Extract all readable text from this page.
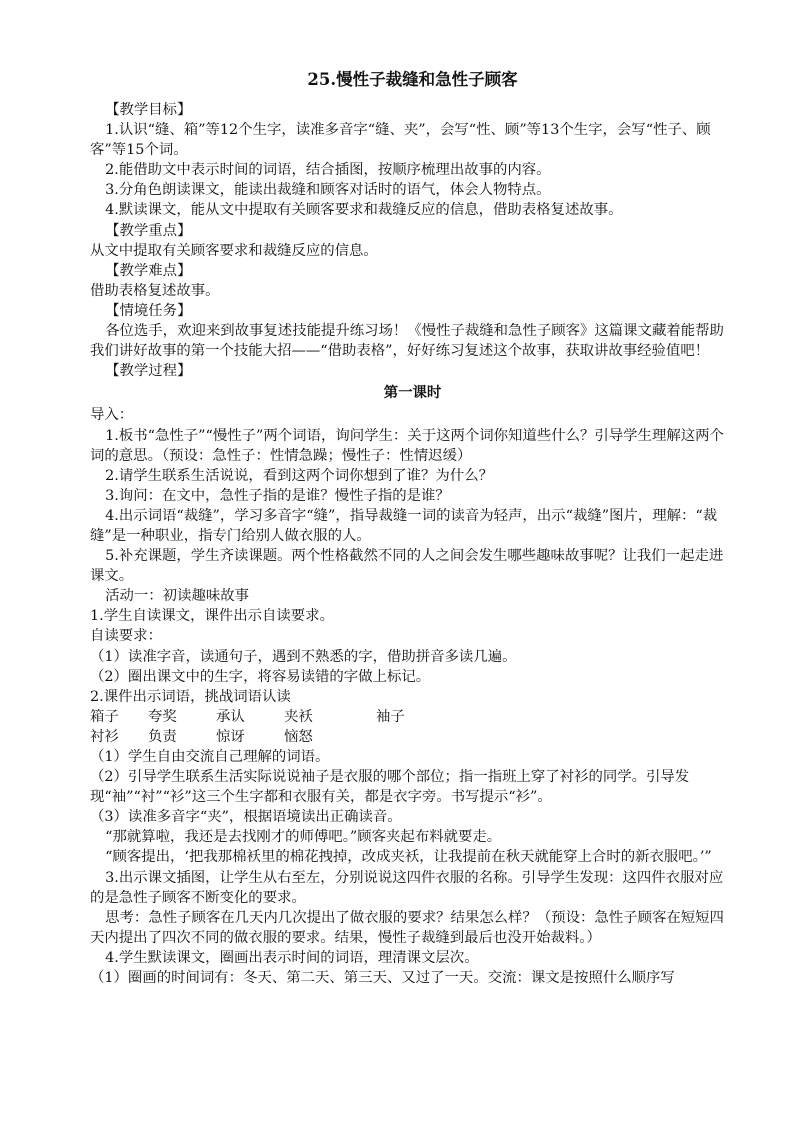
25.慢性子裁缝和急性子顾客

【教学目标】

1.认识“缝、箱”等12个生字，读准多音字“缝、夹”，会写“性、顾”等13个生字，会写“性子、顾客”等15个词。

2.能借助文中表示时间的词语，结合插图，按顺序梳理出故事的内容。

3.分角色朗读课文，能读出裁缝和顾客对话时的语气，体会人物特点。

4.默读课文，能从文中提取有关顾客要求和裁缝反应的信息，借助表格复述故事。

【教学重点】

从文中提取有关顾客要求和裁缝反应的信息。

【教学难点】

借助表格复述故事。

【情境任务】

各位选手，欢迎来到故事复述技能提升练习场！《慢性子裁缝和急性子顾客》这篇课文藏着能帮助我们讲好故事的第一个技能大招——“借助表格”，好好练习复述这个故事，获取讲故事经验值吧！

【教学过程】

第一课时

导入：

1.板书“急性子”“慢性子”两个词语，询问学生：关于这两个词你知道些什么？引导学生理解这两个词的意思。（预设：急性子：性情急躁；慢性子：性情迟缓）

2.请学生联系生活说说，看到这两个词你想到了谁？为什么？

3.询问：在文中，急性子指的是谁？慢性子指的是谁？

4.出示词语“裁缝”，学习多音字“缝”，指导裁缝一词的读音为轻声，出示“裁缝”图片，理解：“裁缝”是一种职业，指专门给别人做衣服的人。

5.补充课题，学生齐读课题。两个性格截然不同的人之间会发生哪些趣味故事呢？让我们一起走进课文。

活动一：初读趣味故事

1.学生自读课文，课件出示自读要求。

自读要求：

（1）读准字音，读通句子，遇到不熟悉的字，借助拼音多读几遍。

（2）圈出课文中的生字，将容易读错的字做上标记。

2.课件出示词语，挑战词语认读

箱子	夸奖	承认	夹袄	袖子
衬衫	负责	惊讶	恼怒

（1）学生自由交流自己理解的词语。

（2）引导学生联系生活实际说说袖子是衣服的哪个部位；指一指班上穿了衬衫的同学。引导发现“袖”“衬”“衫”这三个生字都和衣服有关，都是衣字旁。书写提示“衫”。

（3）读准多音字“夹”，根据语境读出正确读音。

“那就算啦，我还是去找刚才的师傅吧。”顾客夹起布料就要走。

“顾客提出，‘把我那棉袄里的棉花拽掉，改成夹袄，让我提前在秋天就能穿上合时的新衣服吧。’”

3.出示课文插图，让学生从右至左，分别说说这四件衣服的名称。引导学生发现：这四件衣服对应的是急性子顾客不断变化的要求。

思考：急性子顾客在几天内几次提出了做衣服的要求？结果怎么样？（预设：急性子顾客在短短四天内提出了四次不同的做衣服的要求。结果，慢性子裁缝到最后也没开始裁料。）

4.学生默读课文，圈画出表示时间的词语，理清课文层次。

（1）圈画的时间词有：冬天、第二天、第三天、又过了一天。交流：课文是按照什么顺序写
